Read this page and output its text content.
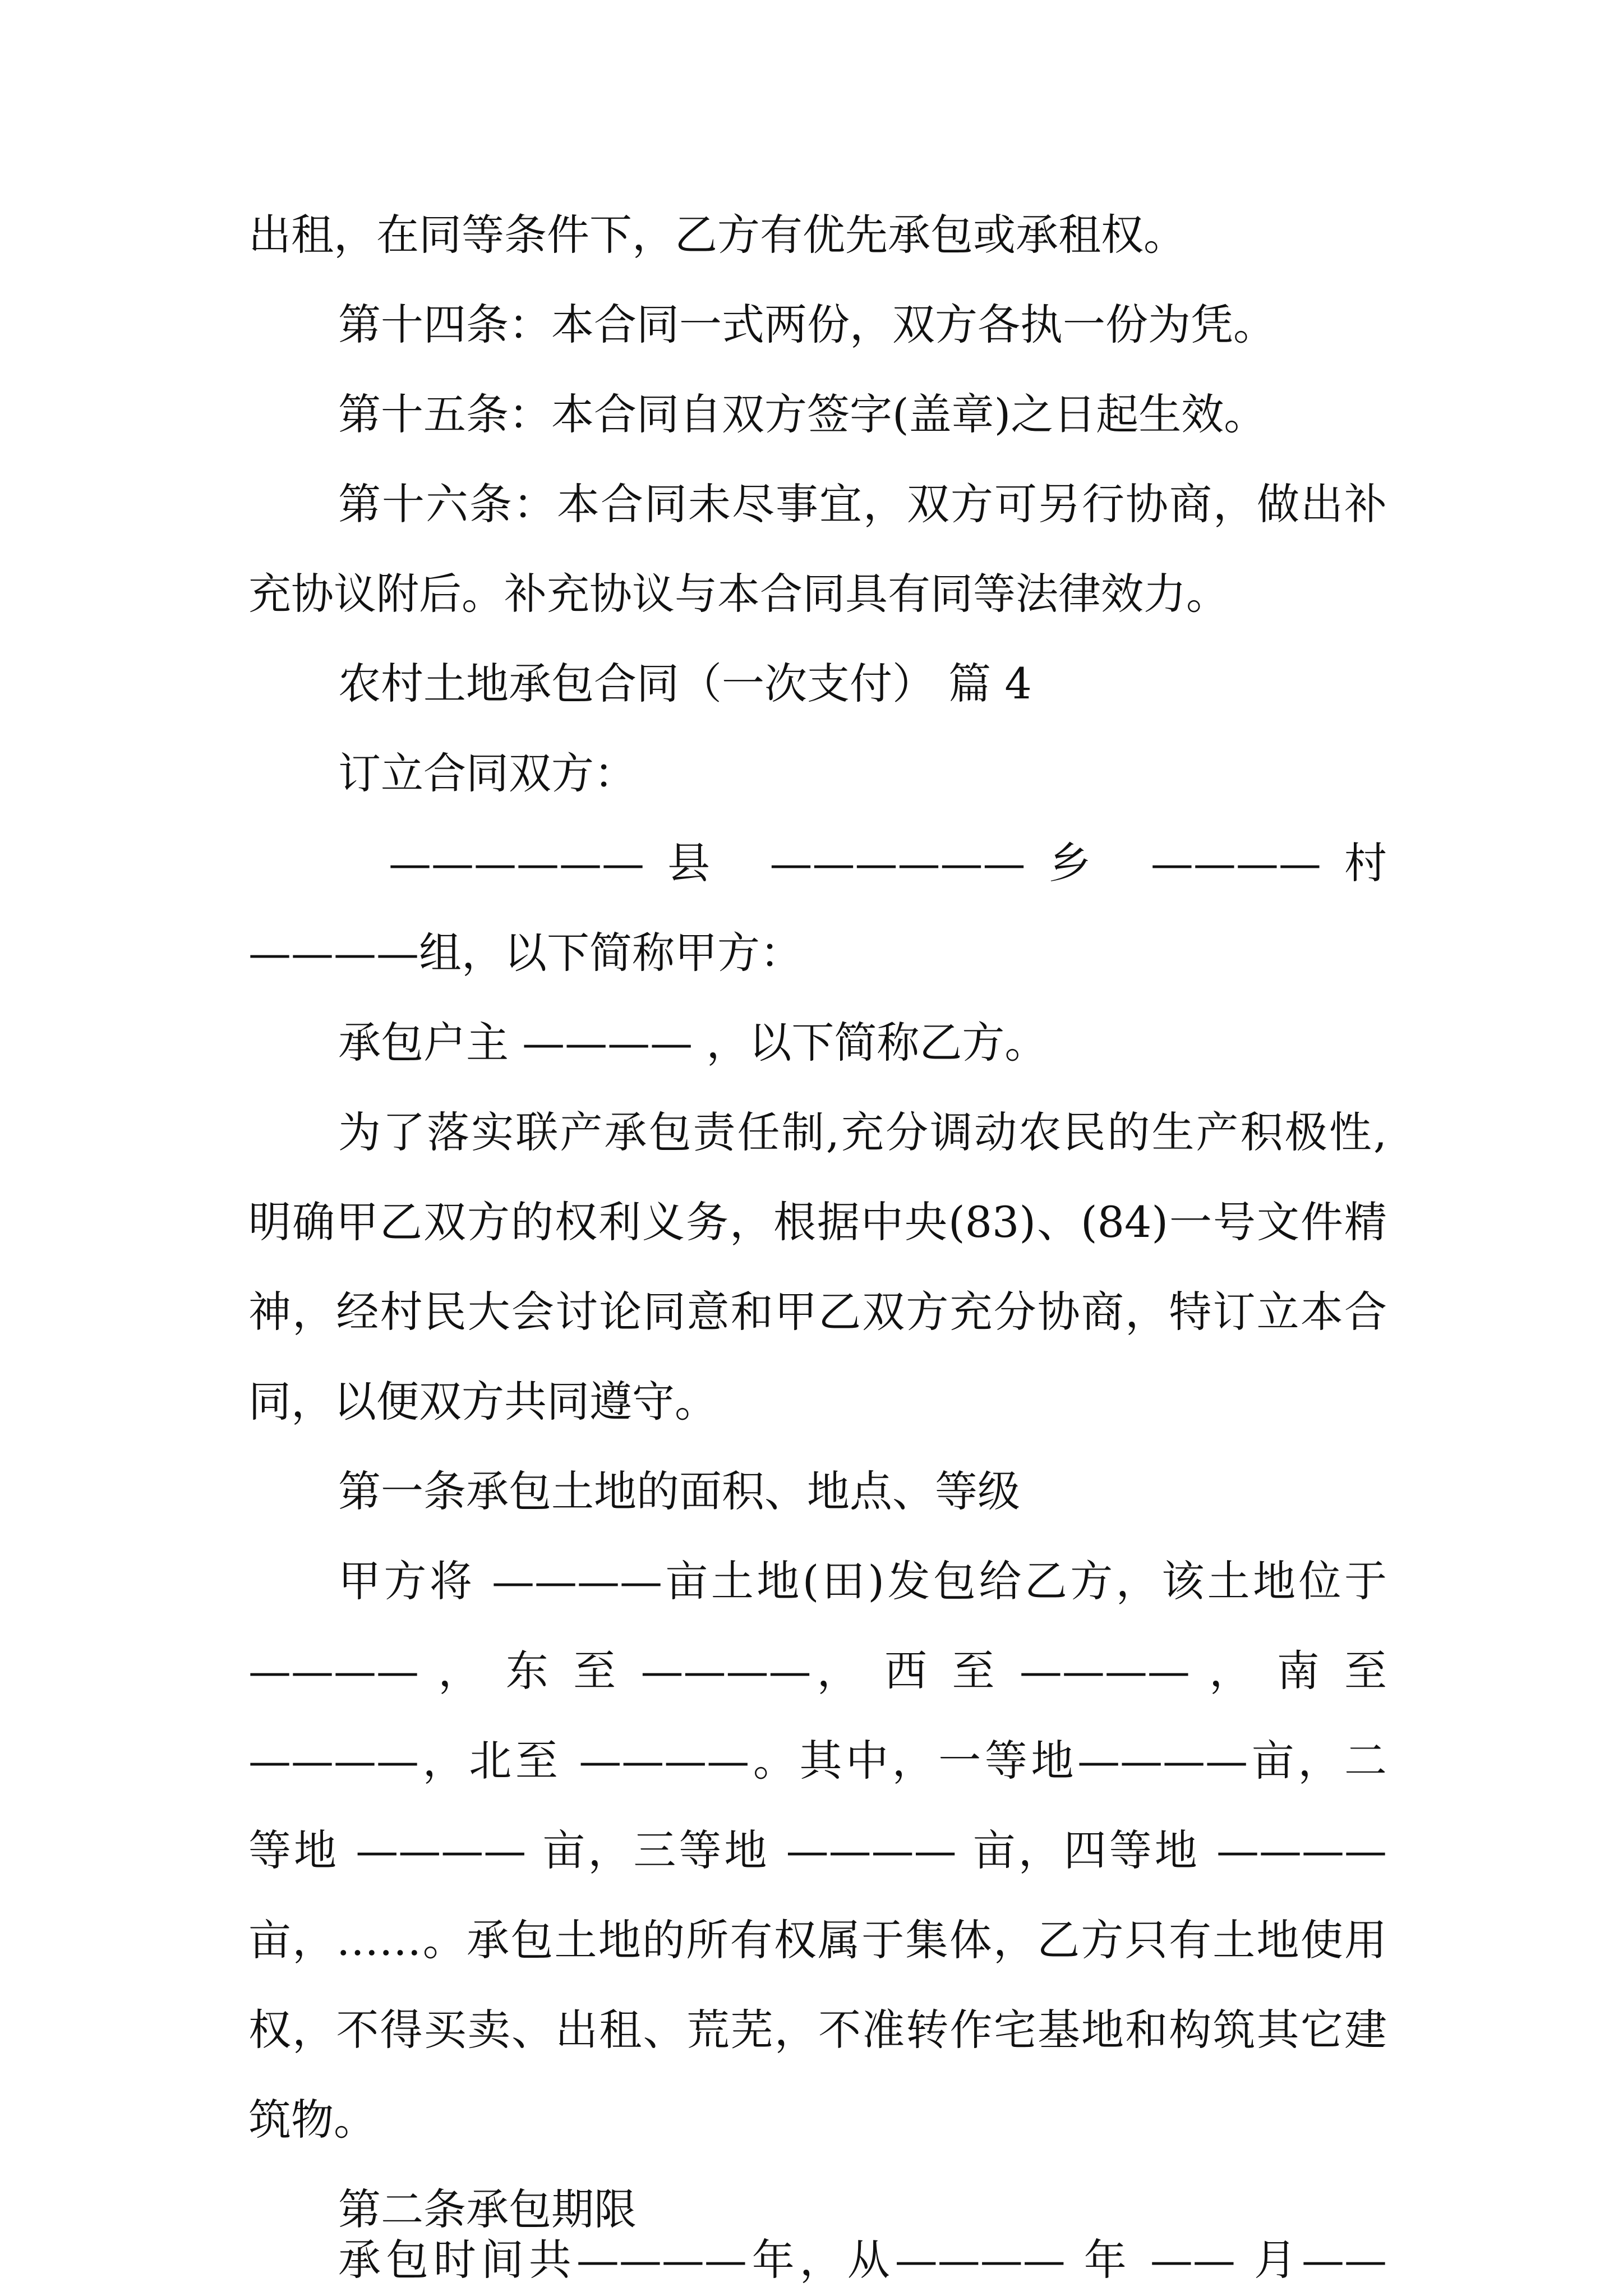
出租，在同等条件下，乙方有优先承包或承租权。
第十四条：本合同一式两份，双方各执一份为凭。
第十五条：本合同自双方签字(盖章)之日起生效。
第十六条：本合同未尽事宜，双方可另行协商，做出补
充协议附后。补充协议与本合同具有同等法律效力。
农村土地承包合同（一次支付） 篇 4
订立合同双方：
——————县 ——————乡 ————村
————组，以下简称甲方：
承包户主 ———— ，以下简称乙方。
为了落实联产承包责任制,充分调动农民的生产积极性,
明确甲乙双方的权利义务，根据中央(83)、(84)一号文件精
神，经村民大会讨论同意和甲乙双方充分协商，特订立本合
同，以便双方共同遵守。
第一条承包土地的面积、地点、等级
甲方将 ————亩土地(田)发包给乙方，该土地位于
———— ， 东 至 ————， 西 至 ———— ， 南 至
————，北至 ————。其中，一等地————亩，二
等地 ———— 亩，三等地 ———— 亩，四等地 ————
亩，……。承包土地的所有权属于集体，乙方只有土地使用
权，不得买卖、出租、荒芜，不准转作宅基地和构筑其它建
筑物。
第二条承包期限
承包时间共————年，从———— 年 —— 月——
